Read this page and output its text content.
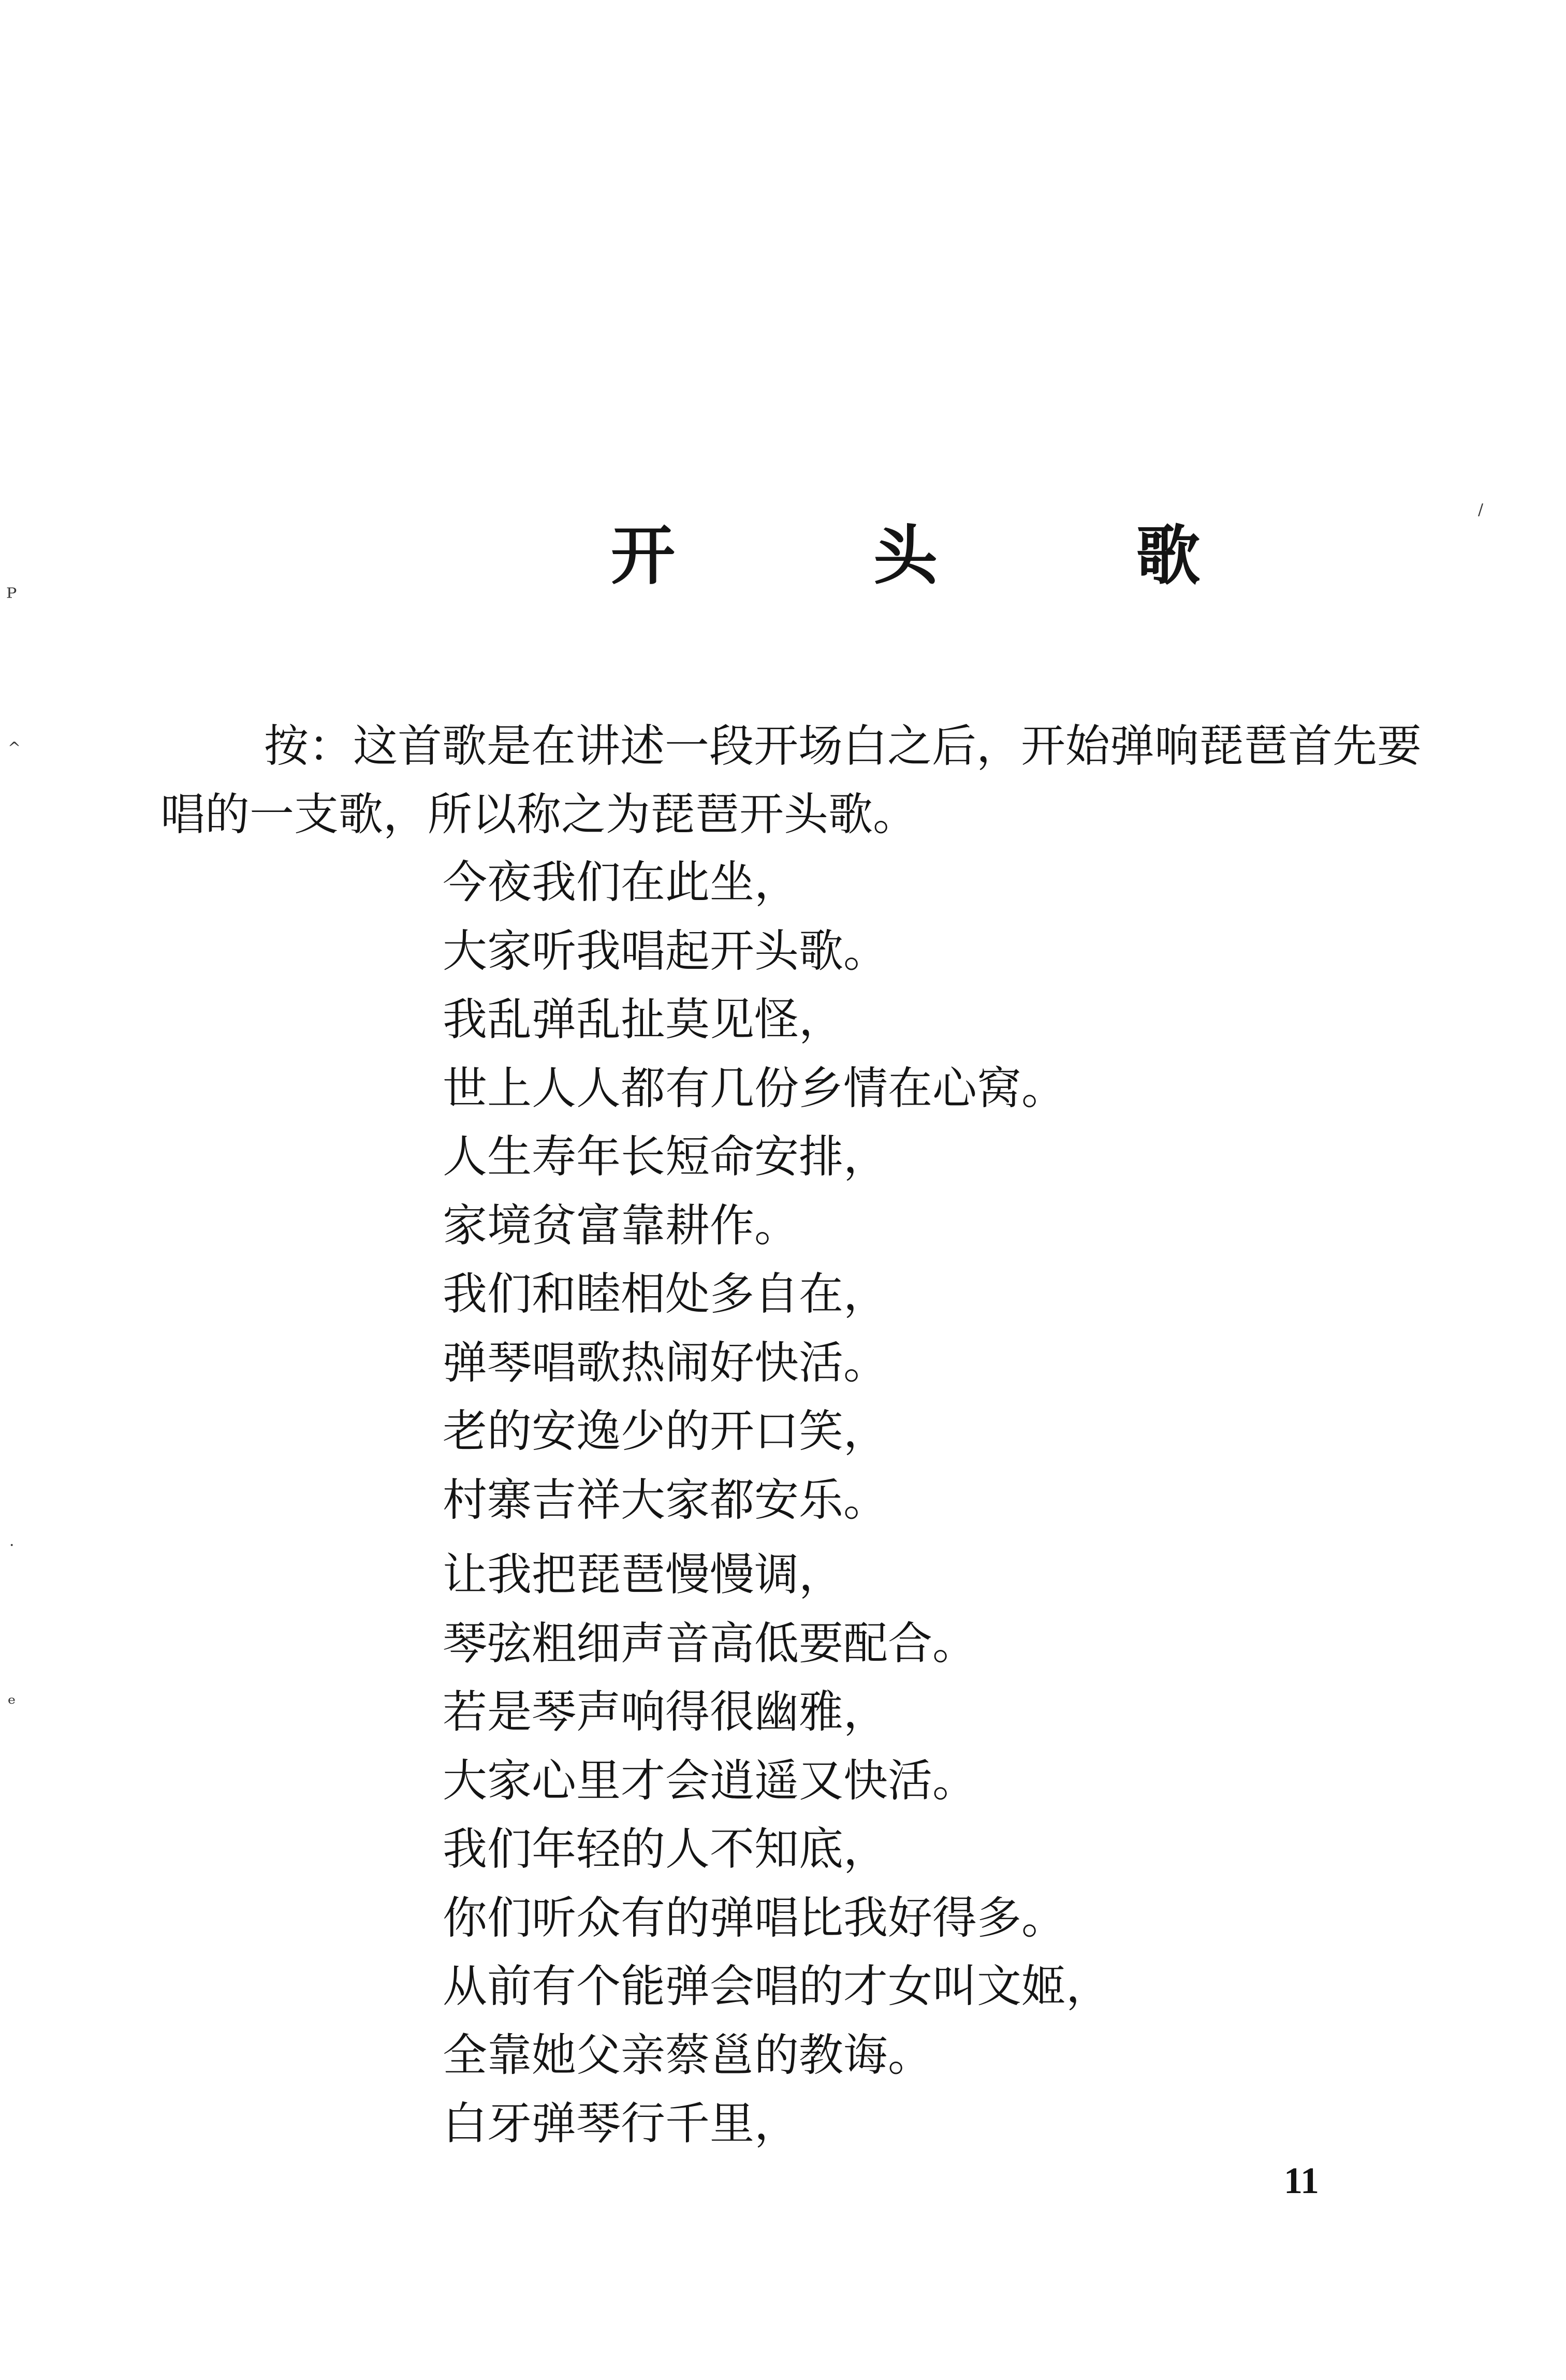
开 头 歌
按：这首歌是在讲述一段开场白之后，开始弹响琵琶首先要
唱的一支歌，所以称之为琵琶开头歌。
今夜我们在此坐，
大家听我唱起开头歌。
我乱弹乱扯莫见怪，
世上人人都有几份乡情在心窝。
人生寿年长短命安排，
家境贫富靠耕作。
我们和睦相处多自在，
弹琴唱歌热闹好快活。
老的安逸少的开口笑，
村寨吉祥大家都安乐。
让我把琵琶慢慢调，
琴弦粗细声音高低要配合。
若是琴声响得很幽雅，
大家心里才会逍遥又快活。
我们年轻的人不知底，
你们听众有的弹唱比我好得多。
从前有个能弹会唱的才女叫文姬，
全靠她父亲蔡邕的教诲。
白牙弹琴行千里，
11
ᴾ
^
·
ᵉ
/
